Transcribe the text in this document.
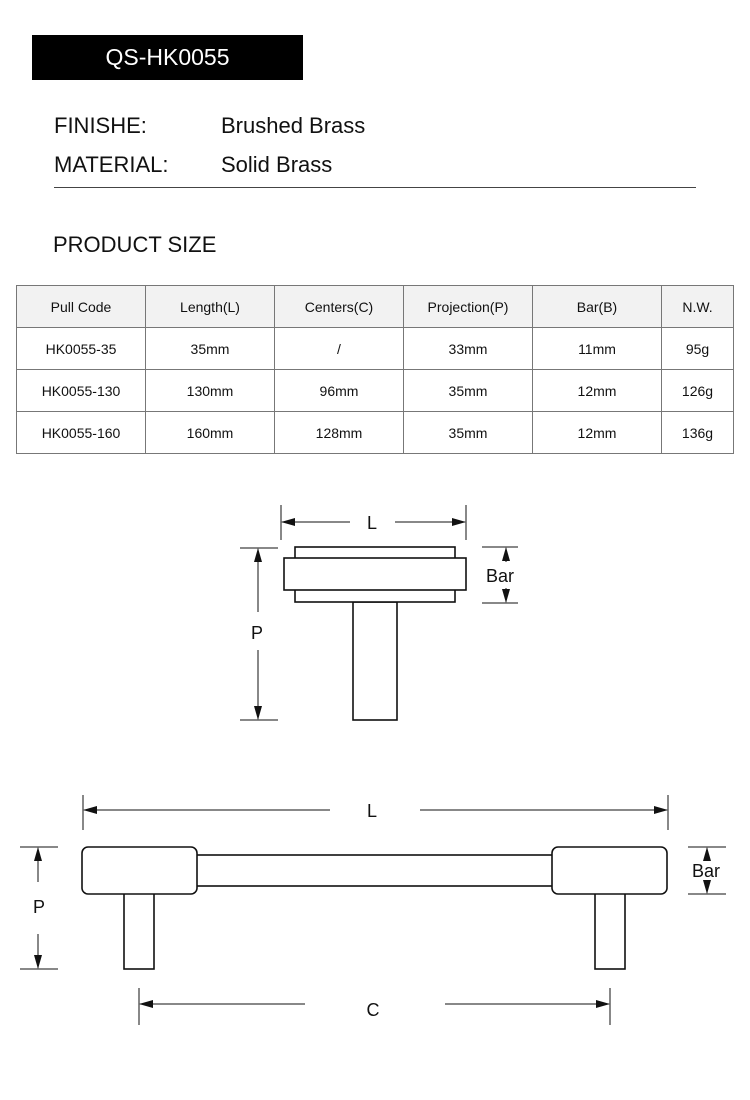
QS-HK0055
FINISHE:	Brushed Brass
MATERIAL: Solid Brass
PRODUCT SIZE
Pull Code	Length(L)	Centers(C)	Projection(P)	Bar(B)	N.W.
HK0055-35	35mm	/	33mm	11mm	95g
HK0055-130	130mm	96mm	35mm	12mm	126g
HK0055-160	160mm	128mm	35mm	12mm	136g
L
P
Bar
L
P
Bar
C
